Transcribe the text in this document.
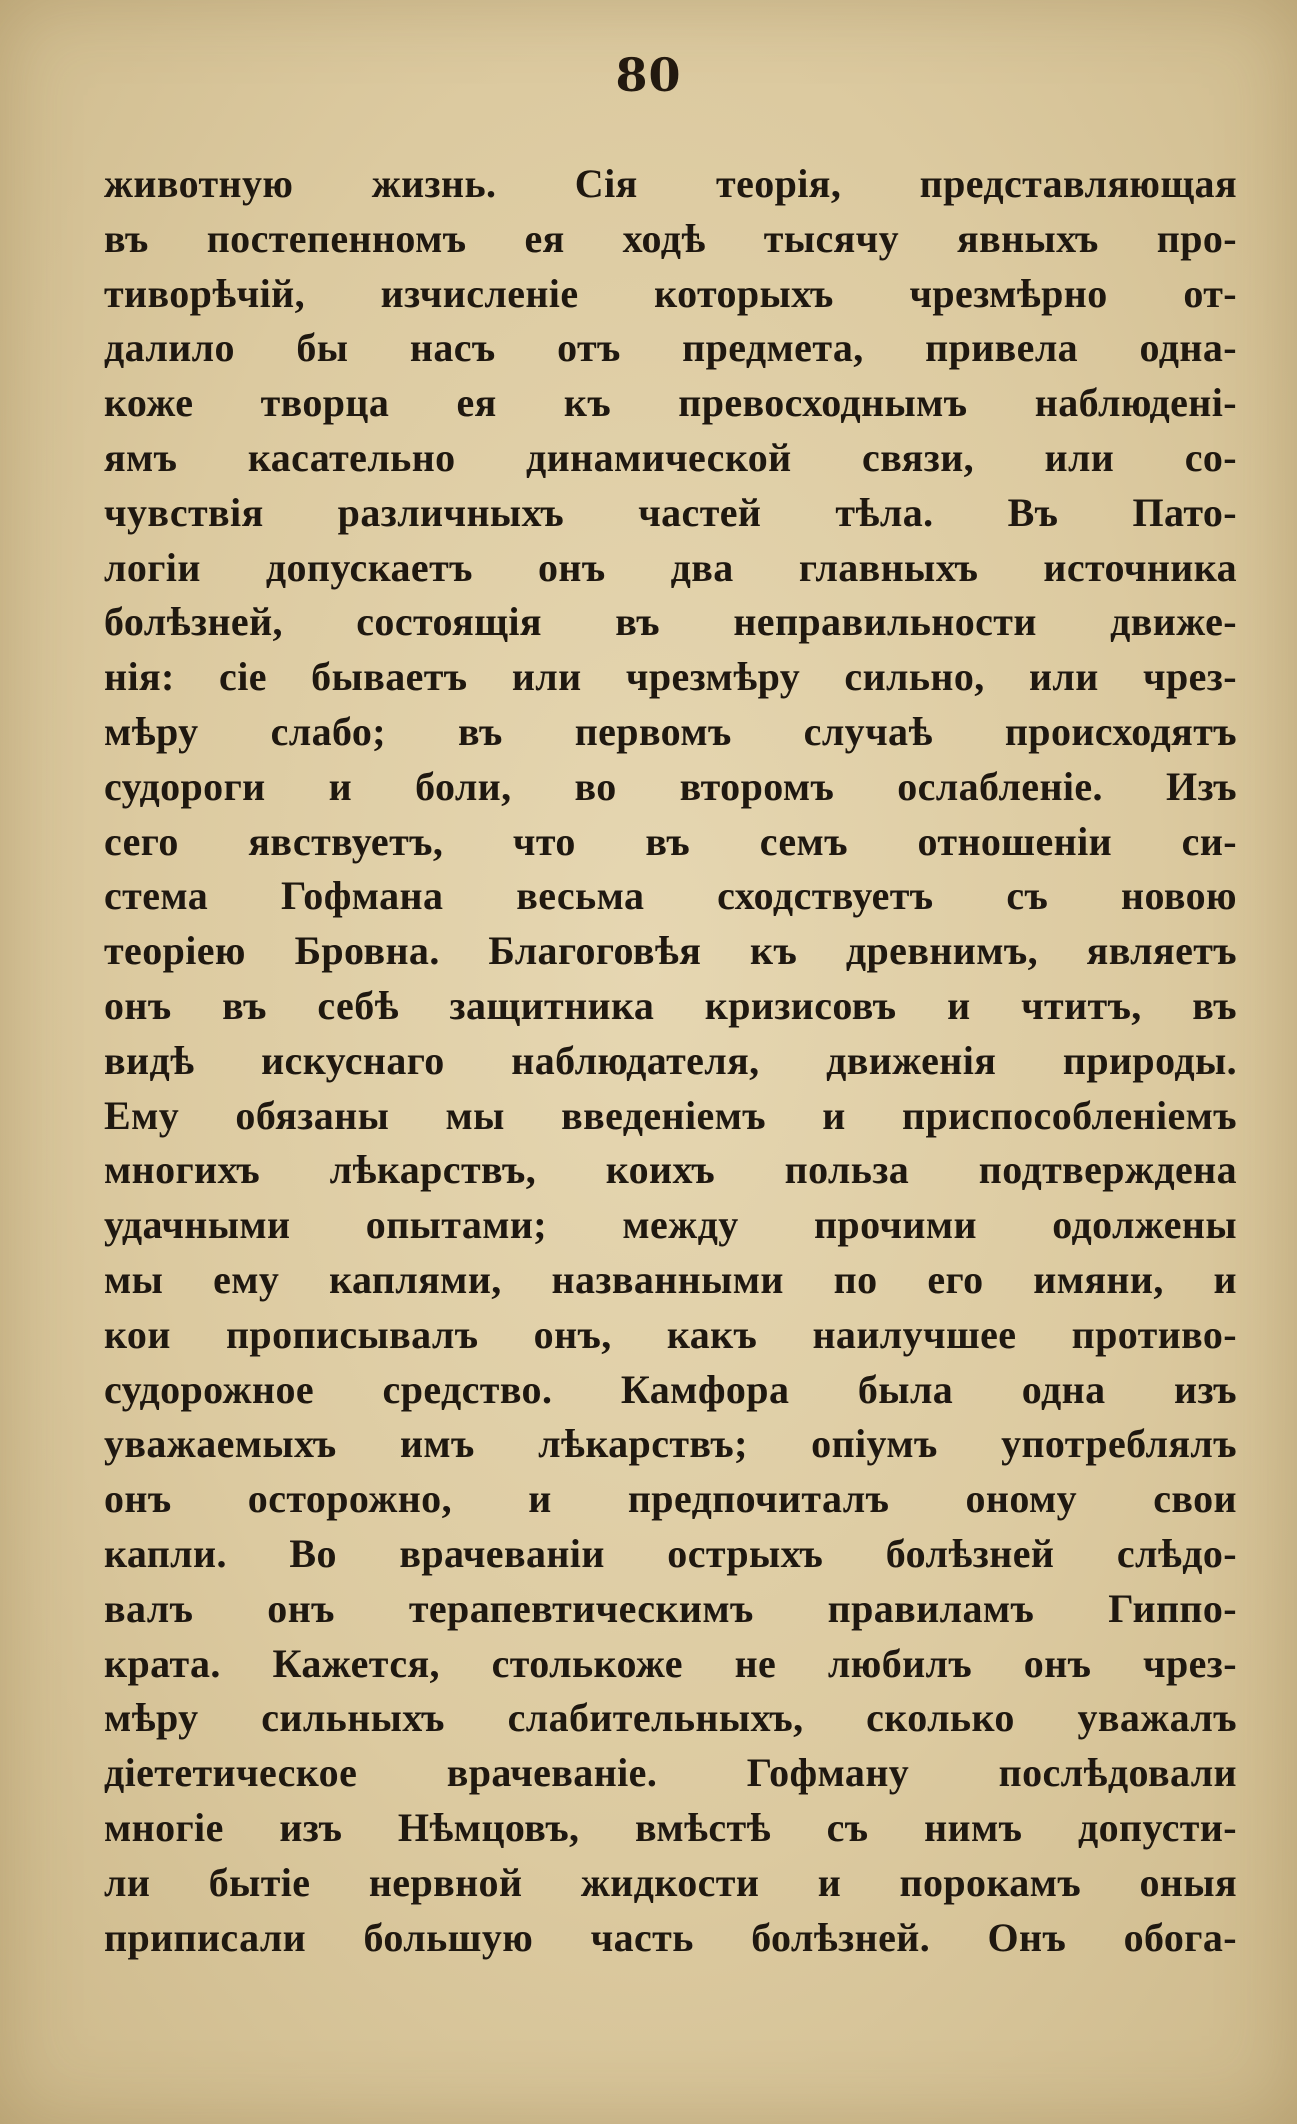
80
животную жизнь. Сія теорія, представляющая
въ постепенномъ ея ходѣ тысячу явныхъ про-
тиворѣчій, изчисленіе которыхъ чрезмѣрно от-
далило бы насъ отъ предмета, привела одна-
коже творца ея къ превосходнымъ наблюдені-
ямъ касательно динамической связи, или со-
чувствія различныхъ частей тѣла. Въ Пато-
логіи допускаетъ онъ два главныхъ источника
болѣзней, состоящія въ неправильности движе-
нія: сіе бываетъ или чрезмѣру сильно, или чрез-
мѣру слабо; въ первомъ случаѣ происходятъ
судороги и боли, во второмъ ослабленіе. Изъ
сего явствуетъ, что въ семъ отношеніи си-
стема Гофмана весьма сходствуетъ съ новою
теоріею Бровна. Благоговѣя къ древнимъ, являетъ
онъ въ себѣ защитника кризисовъ и чтитъ, въ
видѣ искуснаго наблюдателя, движенія природы.
Ему обязаны мы введеніемъ и приспособленіемъ
многихъ лѣкарствъ, коихъ польза подтверждена
удачными опытами; между прочими одолжены
мы ему каплями, названными по его имяни, и
кои прописывалъ онъ, какъ наилучшее противо-
судорожное средство. Камфора была одна изъ
уважаемыхъ имъ лѣкарствъ; опіумъ употреблялъ
онъ осторожно, и предпочиталъ оному свои
капли. Во врачеваніи острыхъ болѣзней слѣдо-
валъ онъ терапевтическимъ правиламъ Гиппо-
крата. Кажется, столькоже не любилъ онъ чрез-
мѣру сильныхъ слабительныхъ, сколько уважалъ
діететическое врачеваніе. Гофману послѣдовали
многіе изъ Нѣмцовъ, вмѣстѣ съ нимъ допусти-
ли бытіе нервной жидкости и порокамъ оныя
приписали большую часть болѣзней. Онъ обога-
